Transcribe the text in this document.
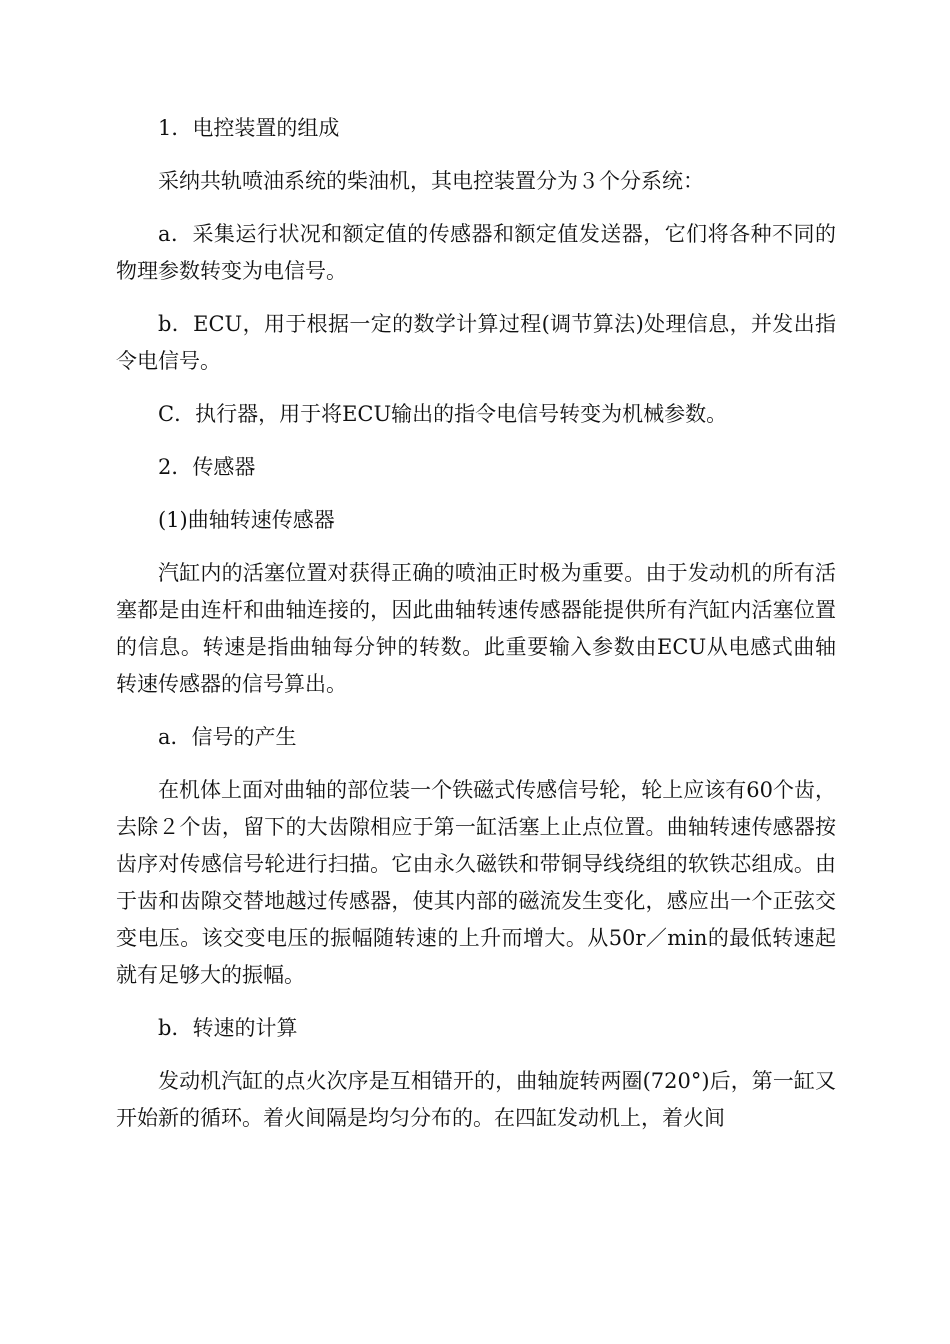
1．电控装置的组成

采纳共轨喷油系统的柴油机，其电控装置分为３个分系统：

a．采集运行状况和额定值的传感器和额定值发送器，它们将各种不同的物理参数转变为电信号。

b．ECU，用于根据一定的数学计算过程(调节算法)处理信息，并发出指令电信号。

C．执行器，用于将ECU输出的指令电信号转变为机械参数。

2．传感器

(1)曲轴转速传感器

汽缸内的活塞位置对获得正确的喷油正时极为重要。由于发动机的所有活塞都是由连杆和曲轴连接的，因此曲轴转速传感器能提供所有汽缸内活塞位置的信息。转速是指曲轴每分钟的转数。此重要输入参数由ECU从电感式曲轴转速传感器的信号算出。

a．信号的产生

在机体上面对曲轴的部位装一个铁磁式传感信号轮，轮上应该有60个齿，去除２个齿，留下的大齿隙相应于第一缸活塞上止点位置。曲轴转速传感器按齿序对传感信号轮进行扫描。它由永久磁铁和带铜导线绕组的软铁芯组成。由于齿和齿隙交替地越过传感器，使其内部的磁流发生变化，感应出一个正弦交变电压。该交变电压的振幅随转速的上升而增大。从50r／min的最低转速起就有足够大的振幅。

b．转速的计算

发动机汽缸的点火次序是互相错开的，曲轴旋转两圈(720°)后，第一缸又开始新的循环。着火间隔是均匀分布的。在四缸发动机上，着火间
